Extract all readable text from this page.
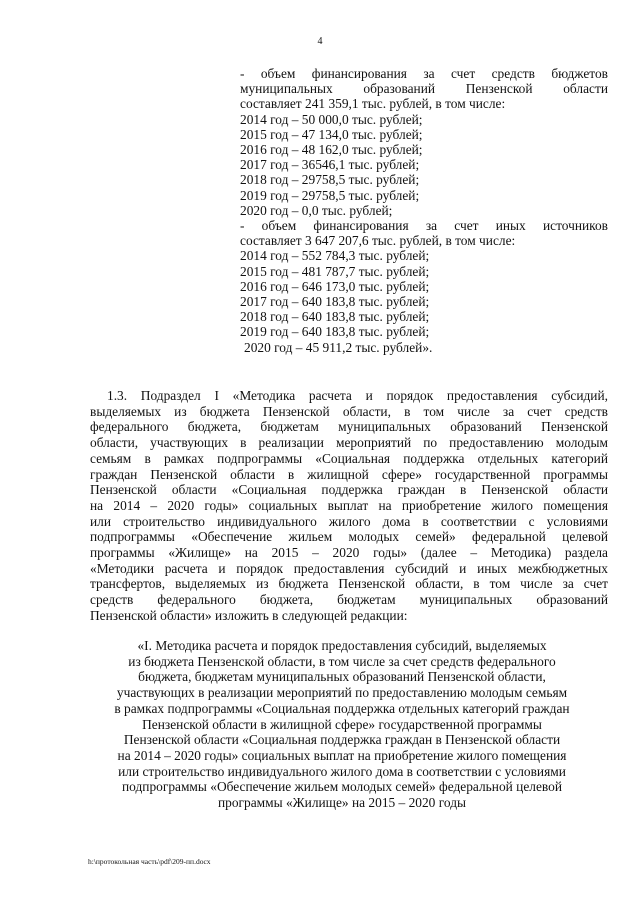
4
- объем финансирования за счет средств бюджетов
муниципальных образований Пензенской области
составляет 241 359,1 тыс. рублей, в том числе:
2014 год – 50 000,0 тыс. рублей;
2015 год – 47 134,0 тыс. рублей;
2016 год – 48 162,0 тыс. рублей;
2017 год – 36546,1 тыс. рублей;
2018 год – 29758,5 тыс. рублей;
2019 год – 29758,5 тыс. рублей;
2020 год – 0,0 тыс. рублей;
- объем финансирования за счет иных источников
составляет 3 647 207,6 тыс. рублей, в том числе:
2014 год – 552 784,3 тыс. рублей;
2015 год – 481 787,7 тыс. рублей;
2016 год – 646 173,0 тыс. рублей;
2017 год – 640 183,8 тыс. рублей;
2018 год – 640 183,8 тыс. рублей;
2019 год – 640 183,8 тыс. рублей;
2020 год – 45 911,2 тыс. рублей».
1.3. Подраздел I «Методика расчета и порядок предоставления субсидий,
выделяемых из бюджета Пензенской области, в том числе за счет средств
федерального бюджета, бюджетам муниципальных образований Пензенской
области, участвующих в реализации мероприятий по предоставлению молодым
семьям в рамках подпрограммы «Социальная поддержка отдельных категорий
граждан Пензенской области в жилищной сфере» государственной программы
Пензенской области «Социальная поддержка граждан в Пензенской области
на 2014 – 2020 годы» социальных выплат на приобретение жилого помещения
или строительство индивидуального жилого дома в соответствии с условиями
подпрограммы «Обеспечение жильем молодых семей» федеральной целевой
программы «Жилище» на 2015 – 2020 годы» (далее – Методика) раздела
«Методики расчета и порядок предоставления субсидий и иных межбюджетных
трансфертов, выделяемых из бюджета Пензенской области, в том числе за счет
средств федерального бюджета, бюджетам муниципальных образований
Пензенской области» изложить в следующей редакции:
«I. Методика расчета и порядок предоставления субсидий, выделяемых
из бюджета Пензенской области, в том числе за счет средств федерального
бюджета, бюджетам муниципальных образований Пензенской области,
участвующих в реализации мероприятий по предоставлению молодым семьям
в рамках подпрограммы «Социальная поддержка отдельных категорий граждан
Пензенской области в жилищной сфере» государственной программы
Пензенской области «Социальная поддержка граждан в Пензенской области
на 2014 – 2020 годы» социальных выплат на приобретение жилого помещения
или строительство индивидуального жилого дома в соответствии с условиями
подпрограммы «Обеспечение жильем молодых семей» федеральной целевой
программы «Жилище» на 2015 – 2020 годы
h:\протокольная часть\pdf\209-пп.docx
